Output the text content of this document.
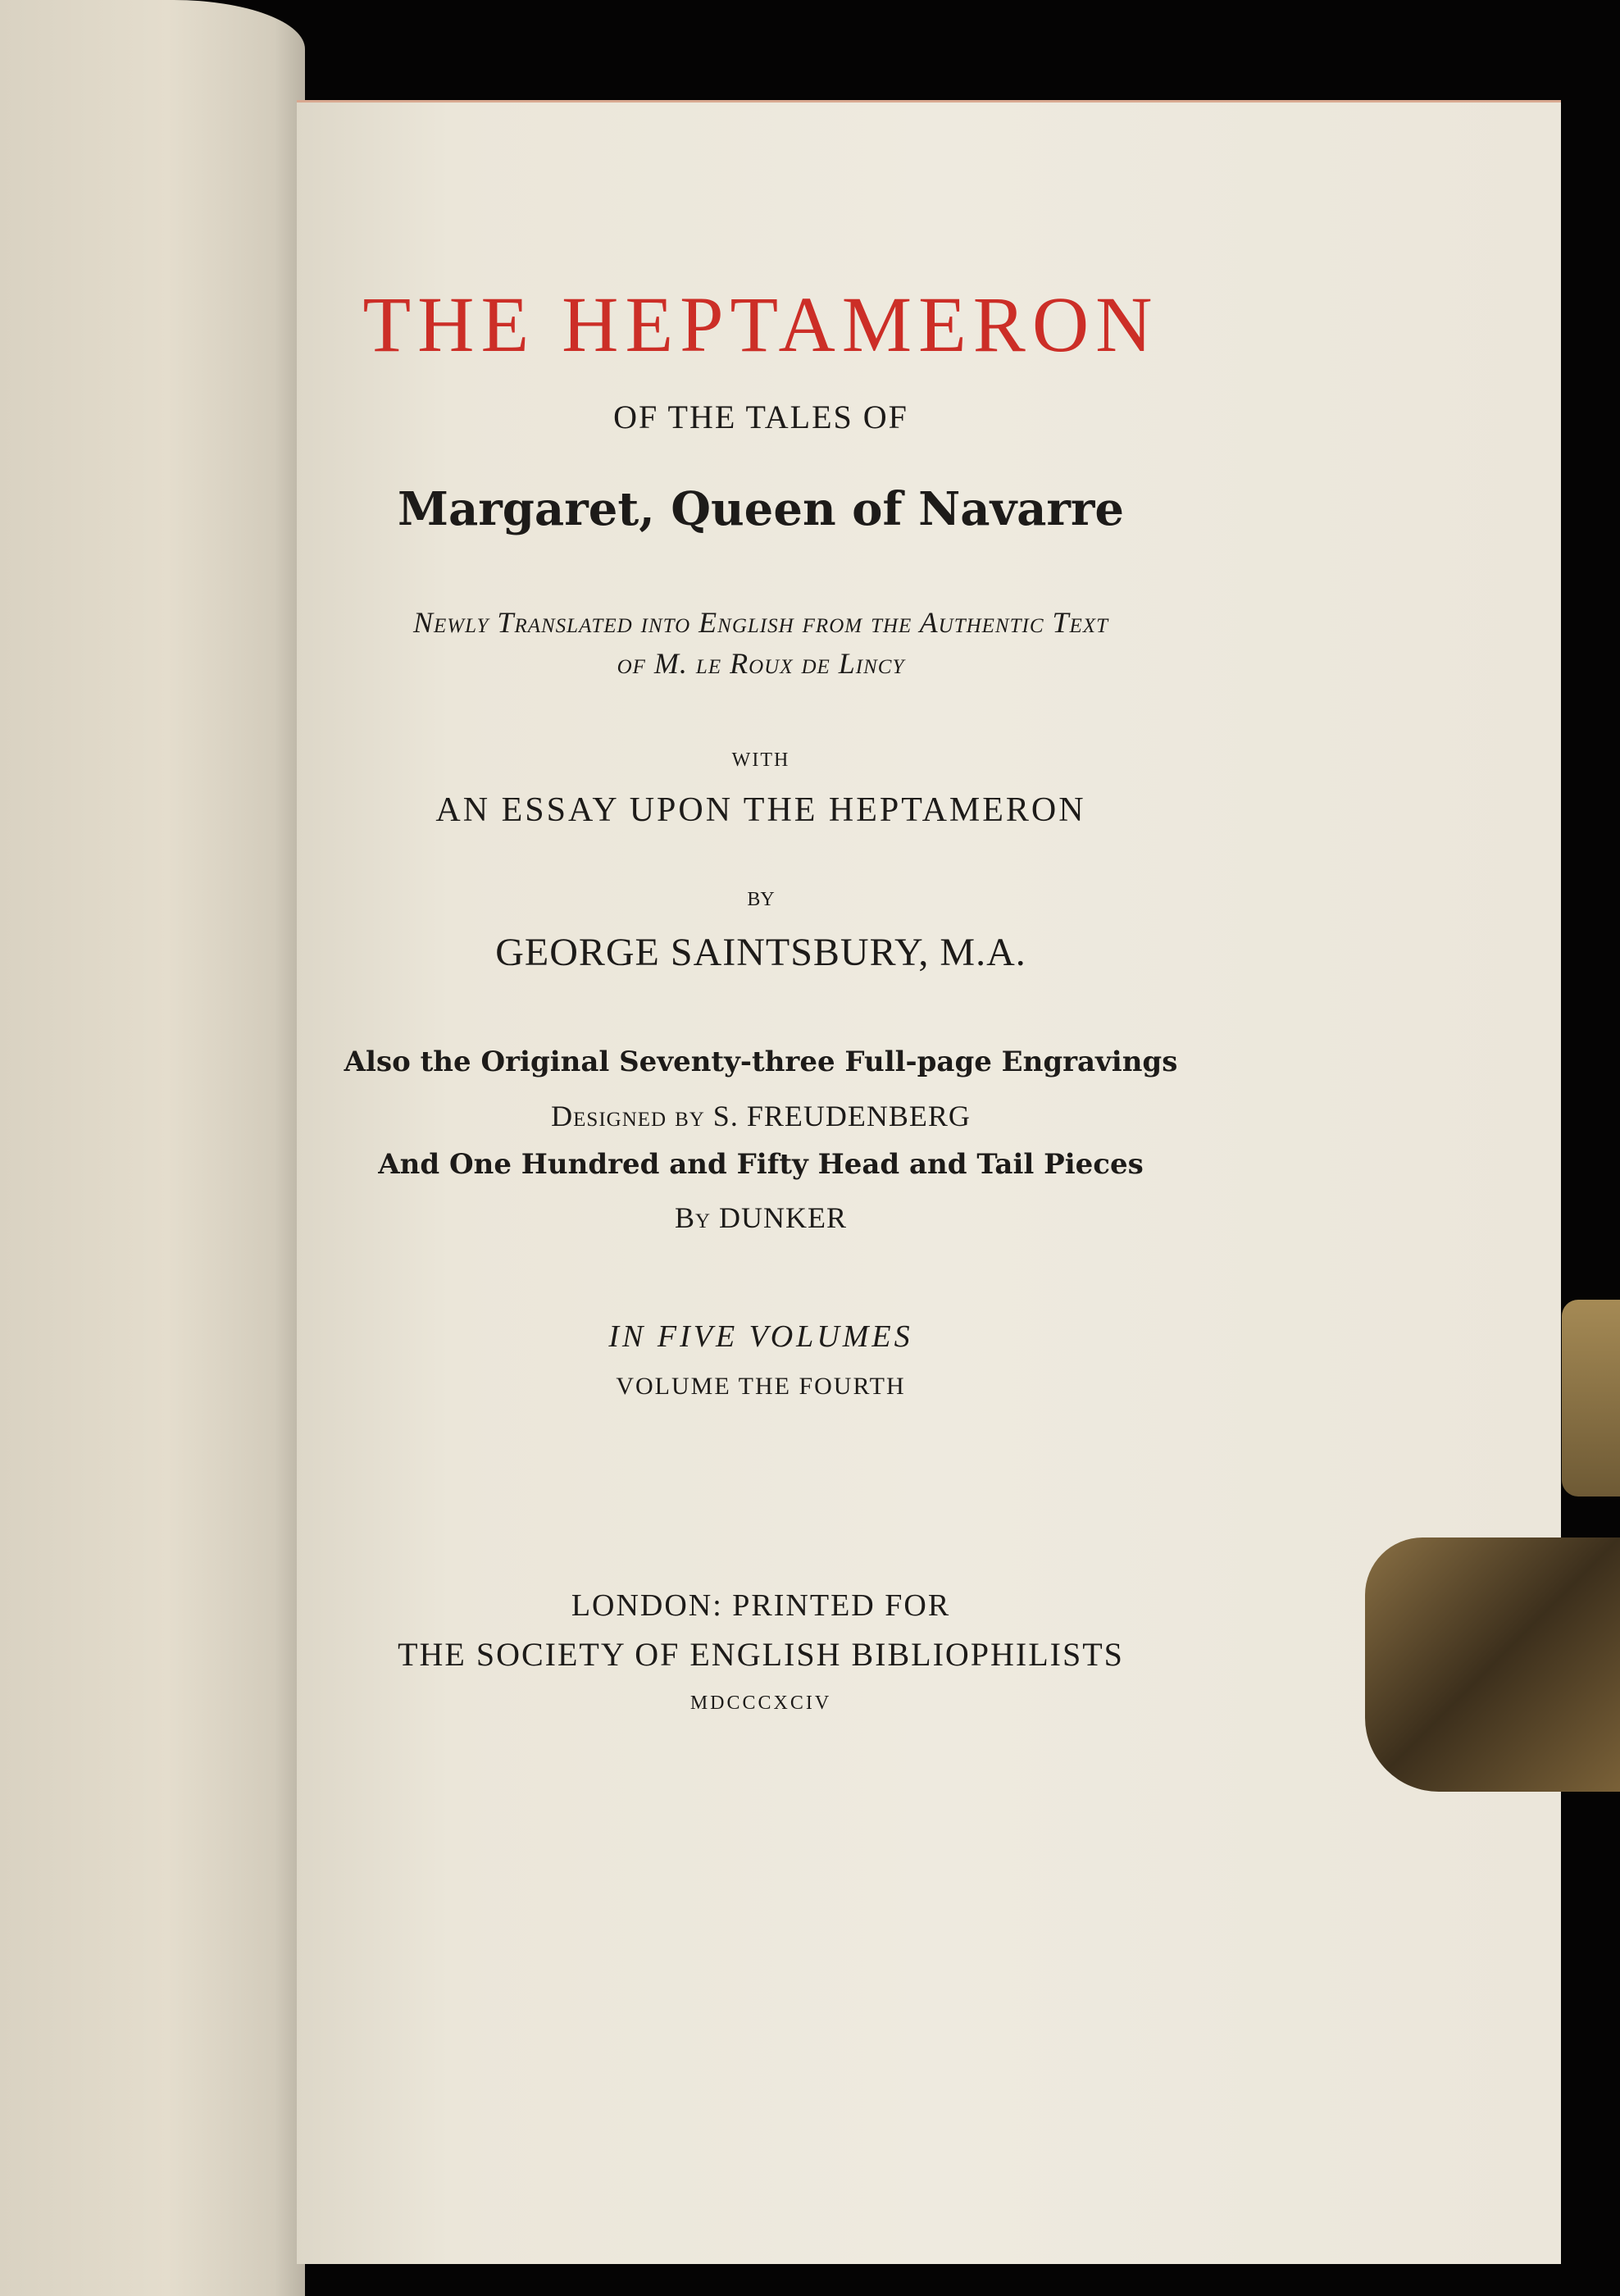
THE HEPTAMERON
OF THE TALES OF
Margaret, Queen of Navarre
Newly Translated into English from the Authentic Text
of M. le Roux de Lincy
WITH
AN ESSAY UPON THE HEPTAMERON
BY
GEORGE SAINTSBURY, M.A.
Also the Original Seventy-three Full-page Engravings
Designed by S. FREUDENBERG
And One Hundred and Fifty Head and Tail Pieces
By DUNKER
IN FIVE VOLUMES
VOLUME THE FOURTH
LONDON: PRINTED FOR
THE SOCIETY OF ENGLISH BIBLIOPHILISTS
MDCCCXCIV
